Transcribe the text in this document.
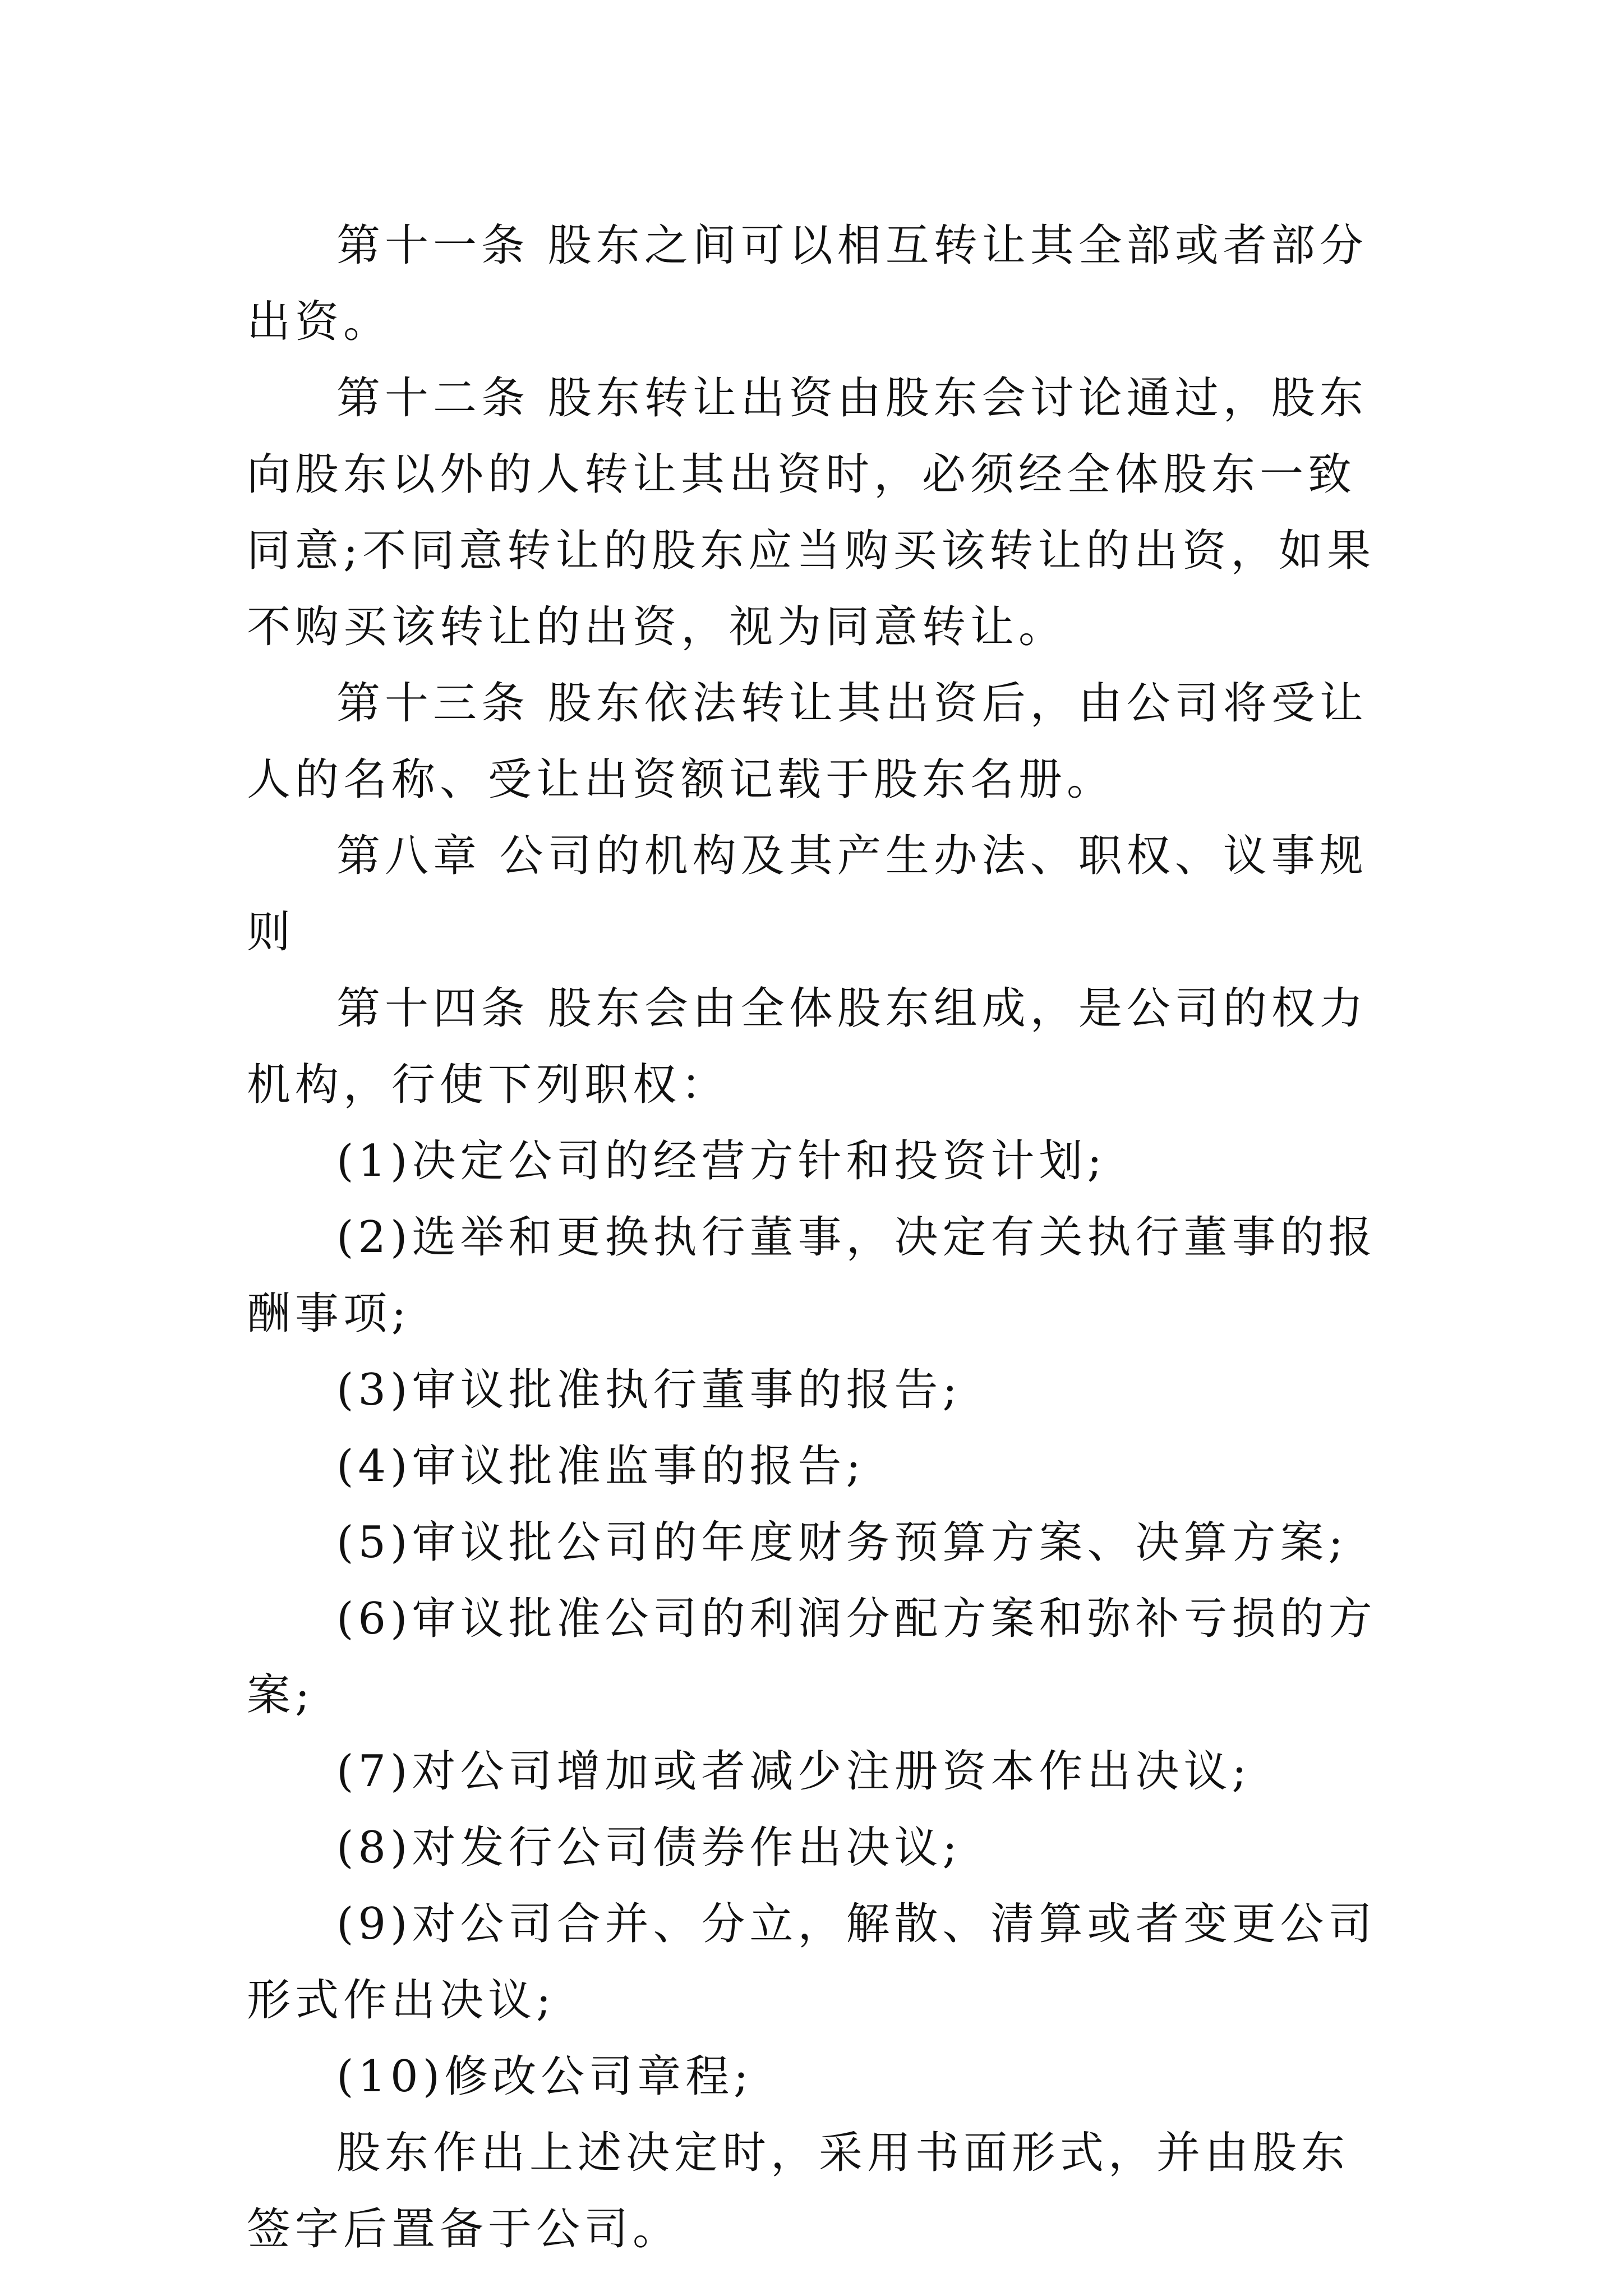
第十一条 股东之间可以相互转让其全部或者部分出资。

第十二条 股东转让出资由股东会讨论通过，股东向股东以外的人转让其出资时，必须经全体股东一致同意;不同意转让的股东应当购买该转让的出资，如果不购买该转让的出资，视为同意转让。

第十三条 股东依法转让其出资后，由公司将受让人的名称、受让出资额记载于股东名册。

第八章 公司的机构及其产生办法、职权、议事规则

第十四条 股东会由全体股东组成，是公司的权力机构，行使下列职权：

(1)决定公司的经营方针和投资计划;

(2)选举和更换执行董事，决定有关执行董事的报酬事项;

(3)审议批准执行董事的报告;

(4)审议批准监事的报告;

(5)审议批公司的年度财务预算方案、决算方案;

(6)审议批准公司的利润分配方案和弥补亏损的方案;

(7)对公司增加或者减少注册资本作出决议;

(8)对发行公司债券作出决议;

(9)对公司合并、分立，解散、清算或者变更公司形式作出决议;

(10)修改公司章程;

股东作出上述决定时，采用书面形式，并由股东签字后置备于公司。
